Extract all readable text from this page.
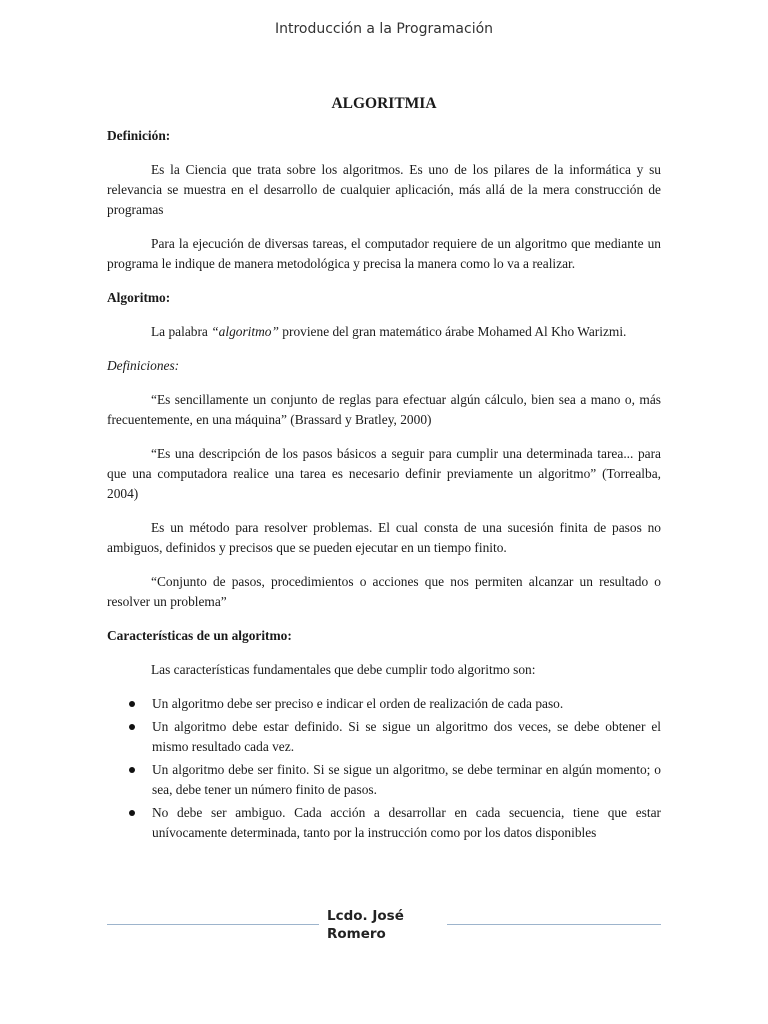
Introducción a la Programación
ALGORITMIA
Definición:

Es la Ciencia que trata sobre los algoritmos. Es uno de los pilares de la informática y su relevancia se muestra en el desarrollo de cualquier aplicación, más allá de la mera construcción de programas

Para la ejecución de diversas tareas, el computador requiere de un algoritmo que mediante un programa le indique de manera metodológica y precisa la manera como lo va a realizar.

Algoritmo:

La palabra “algoritmo” proviene del gran matemático árabe Mohamed Al Kho Warizmi.

Definiciones:

“Es sencillamente un conjunto de reglas para efectuar algún cálculo, bien sea a mano o, más frecuentemente, en una máquina” (Brassard y Bratley, 2000)

“Es una descripción de los pasos básicos a seguir para cumplir una determinada tarea... para que una computadora realice una tarea es necesario definir previamente un algoritmo” (Torrealba, 2004)

Es un método para resolver problemas. El cual consta de una sucesión finita de pasos no ambiguos, definidos y precisos que se pueden ejecutar en un tiempo finito.

“Conjunto de pasos, procedimientos o acciones que nos permiten alcanzar un resultado o resolver un problema”

Características de un algoritmo:

Las características fundamentales que debe cumplir todo algoritmo son:

Un algoritmo debe ser preciso e indicar el orden de realización de cada paso.
Un algoritmo debe estar definido. Si se sigue un algoritmo dos veces, se debe obtener el mismo resultado cada vez.
Un algoritmo debe ser finito. Si se sigue un algoritmo, se debe terminar en algún momento; o sea, debe tener un número finito de pasos.
No debe ser ambiguo. Cada acción a desarrollar en cada secuencia, tiene que estar unívocamente determinada, tanto por la instrucción como por los datos disponibles
Lcdo. José
Romero
